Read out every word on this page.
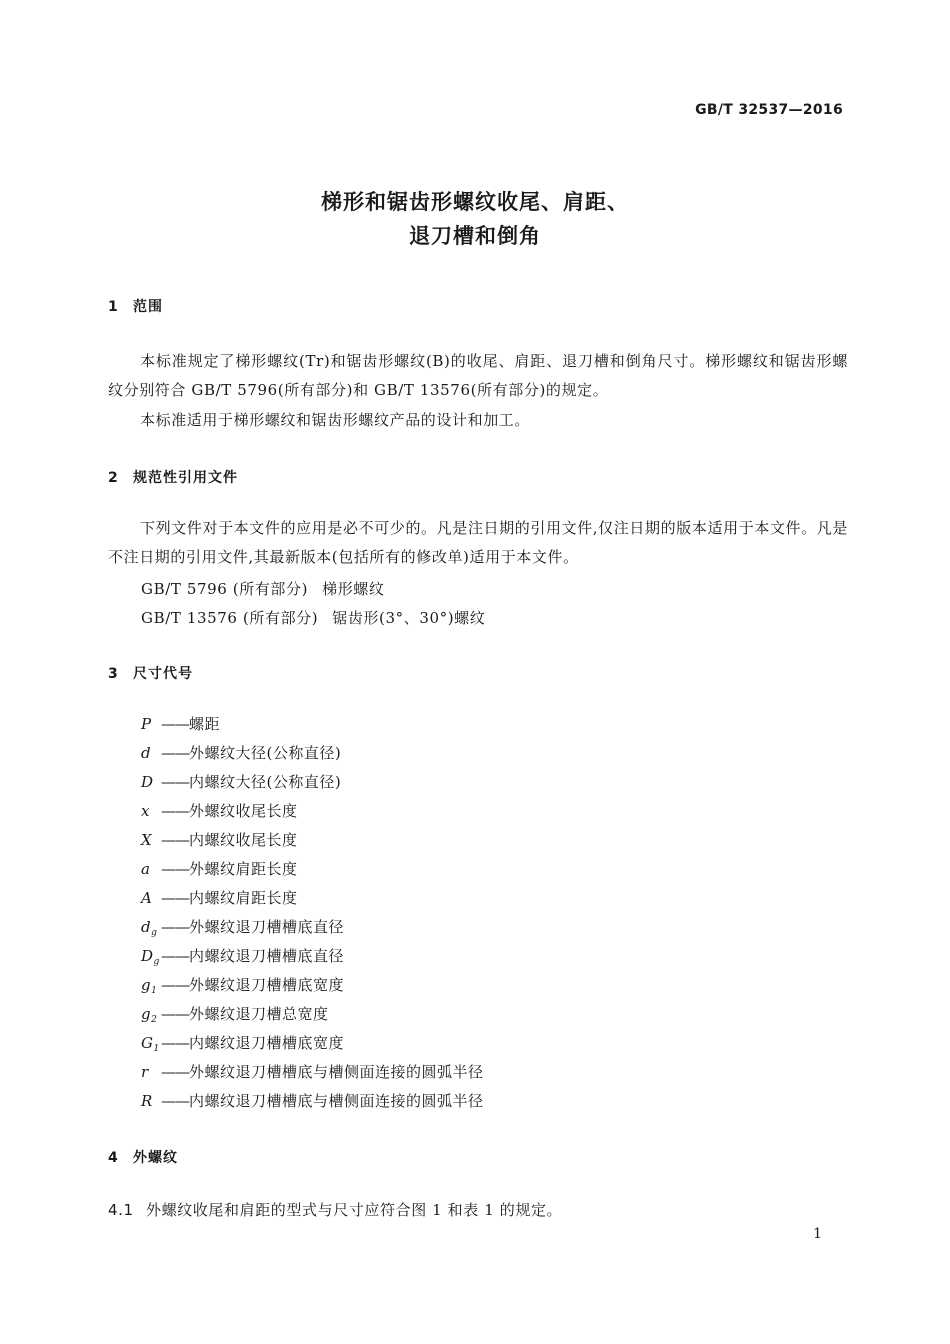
GB/T 32537—2016
梯形和锯齿形螺纹收尾、肩距、
退刀槽和倒角
1 范围
本标准规定了梯形螺纹(Tr)和锯齿形螺纹(B)的收尾、肩距、退刀槽和倒角尺寸。梯形螺纹和锯齿形螺纹分别符合 GB/T 5796(所有部分)和 GB/T 13576(所有部分)的规定。
本标准适用于梯形螺纹和锯齿形螺纹产品的设计和加工。
2 规范性引用文件
下列文件对于本文件的应用是必不可少的。凡是注日期的引用文件,仅注日期的版本适用于本文件。凡是不注日期的引用文件,其最新版本(包括所有的修改单)适用于本文件。
GB/T 5796 (所有部分) 梯形螺纹
GB/T 13576 (所有部分) 锯齿形(3°、30°)螺纹
3 尺寸代号
P ——螺距
d ——外螺纹大径(公称直径)
D ——内螺纹大径(公称直径)
x ——外螺纹收尾长度
X ——内螺纹收尾长度
a ——外螺纹肩距长度
A ——内螺纹肩距长度
$d_g$ ——外螺纹退刀槽槽底直径
$D_g——$内螺纹退刀槽槽底直径
$g_1$ ——外螺纹退刀槽槽底宽度
$g_2$ ——外螺纹退刀槽总宽度
$G_1——$内螺纹退刀槽槽底宽度
r ——外螺纹退刀槽槽底与槽侧面连接的圆弧半径
R ——内螺纹退刀槽槽底与槽侧面连接的圆弧半径
4 外螺纹
4.1 外螺纹收尾和肩距的型式与尺寸应符合图 1 和表 1 的规定。
1
